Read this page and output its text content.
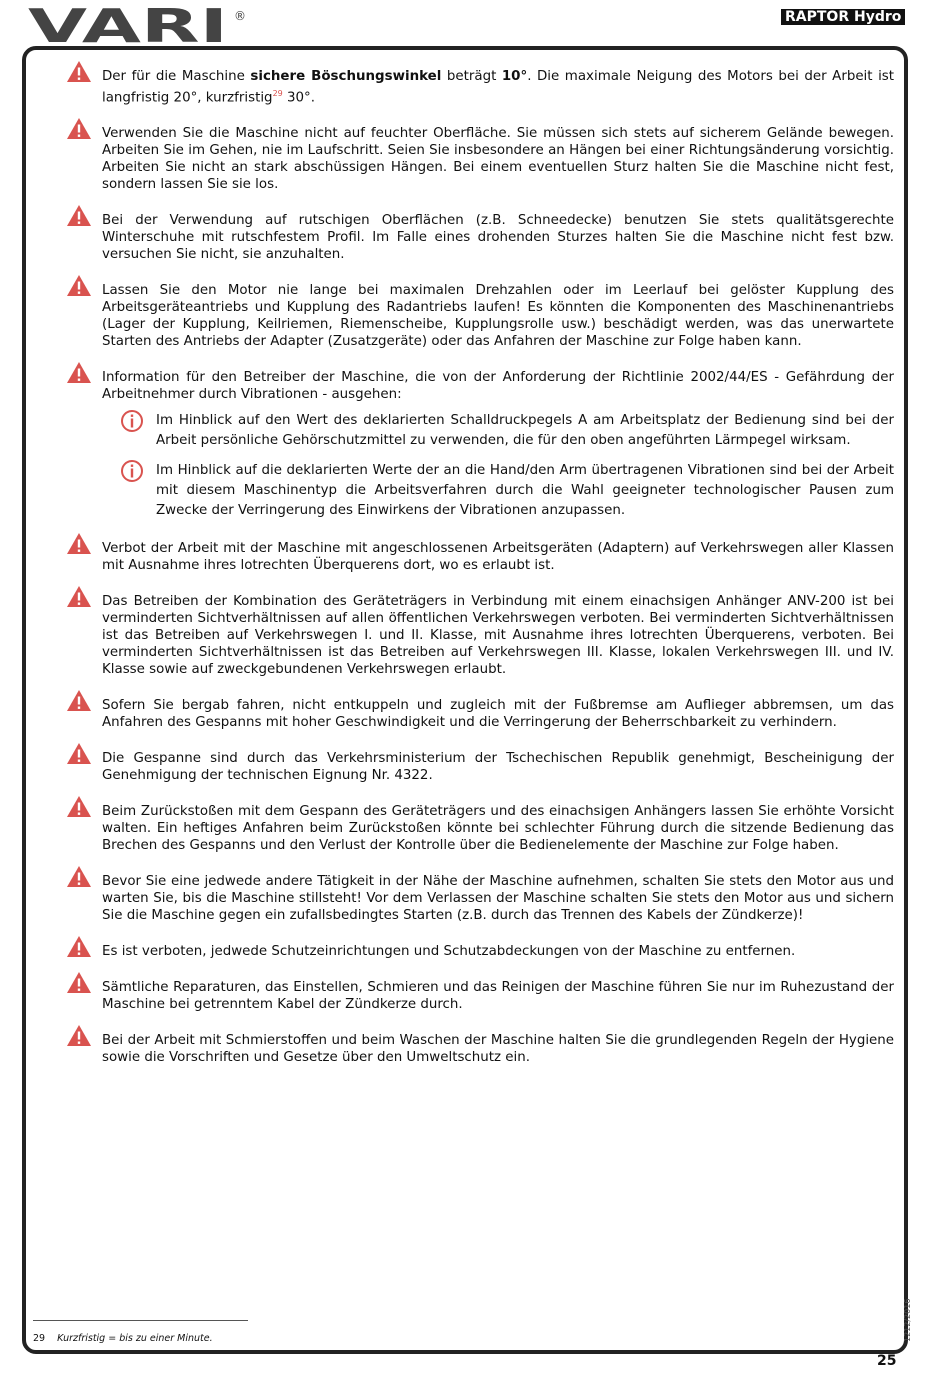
VARI ®	RAPTOR Hydro
Der für die Maschine sichere Böschungswinkel beträgt 10°. Die maximale Neigung des Motors bei der Arbeit ist langfristig 20°, kurzfristig$^{29}$ 30°.
Verwenden Sie die Maschine nicht auf feuchter Oberfläche. Sie müssen sich stets auf sicherem Gelände bewegen. Arbeiten Sie im Gehen, nie im Laufschritt. Seien Sie insbesondere an Hängen bei einer Richtungsänderung vorsichtig. Arbeiten Sie nicht an stark abschüssigen Hängen. Bei einem eventuellen Sturz halten Sie die Maschine nicht fest, sondern lassen Sie sie los.
Bei der Verwendung auf rutschigen Oberflächen (z.B. Schneedecke) benutzen Sie stets qualitätsgerechte Winterschuhe mit rutschfestem Profil. Im Falle eines drohenden Sturzes halten Sie die Maschine nicht fest bzw. versuchen Sie nicht, sie anzuhalten.
Lassen Sie den Motor nie lange bei maximalen Drehzahlen oder im Leerlauf bei gelöster Kupplung des Arbeitsgeräteantriebs und Kupplung des Radantriebs laufen! Es könnten die Komponenten des Maschinenantriebs (Lager der Kupplung, Keilriemen, Riemenscheibe, Kupplungsrolle usw.) beschädigt werden, was das unerwartete Starten des Antriebs der Adapter (Zusatzgeräte) oder das Anfahren der Maschine zur Folge haben kann.
Information für den Betreiber der Maschine, die von der Anforderung der Richtlinie 2002/44/ES - Gefährdung der Arbeitnehmer durch Vibrationen - ausgehen:
Im Hinblick auf den Wert des deklarierten Schalldruckpegels A am Arbeitsplatz der Bedienung sind bei der Arbeit persönliche Gehörschutzmittel zu verwenden, die für den oben angeführten Lärmpegel wirksam.
Im Hinblick auf die deklarierten Werte der an die Hand/den Arm übertragenen Vibrationen sind bei der Arbeit mit diesem Maschinentyp die Arbeitsverfahren durch die Wahl geeigneter technologischer Pausen zum Zwecke der Verringerung des Einwirkens der Vibrationen anzupassen.
Verbot der Arbeit mit der Maschine mit angeschlossenen Arbeitsgeräten (Adaptern) auf Verkehrswegen aller Klassen mit Ausnahme ihres lotrechten Überquerens dort, wo es erlaubt ist.
Das Betreiben der Kombination des Geräteträgers in Verbindung mit einem einachsigen Anhänger ANV-200 ist bei verminderten Sichtverhältnissen auf allen öffentlichen Verkehrswegen verboten. Bei verminderten Sichtverhältnissen ist das Betreiben auf Verkehrswegen I. und II. Klasse, mit Ausnahme ihres lotrechten Überquerens, verboten. Bei verminderten Sichtverhältnissen ist das Betreiben auf Verkehrswegen III. Klasse, lokalen Verkehrswegen III. und IV. Klasse sowie auf zweckgebundenen Verkehrswegen erlaubt.
Sofern Sie bergab fahren, nicht entkuppeln und zugleich mit der Fußbremse am Auflieger abbremsen, um das Anfahren des Gespanns mit hoher Geschwindigkeit und die Verringerung der Beherrschbarkeit zu verhindern.
Die Gespanne sind durch das Verkehrsministerium der Tschechischen Republik genehmigt, Bescheinigung der Genehmigung der technischen Eignung Nr. 4322.
Beim Zurückstoßen mit dem Gespann des Geräteträgers und des einachsigen Anhängers lassen Sie erhöhte Vorsicht walten. Ein heftiges Anfahren beim Zurückstoßen könnte bei schlechter Führung durch die sitzende Bedienung das Brechen des Gespanns und den Verlust der Kontrolle über die Bedienelemente der Maschine zur Folge haben.
Bevor Sie eine jedwede andere Tätigkeit in der Nähe der Maschine aufnehmen, schalten Sie stets den Motor aus und warten Sie, bis die Maschine stillsteht! Vor dem Verlassen der Maschine schalten Sie stets den Motor aus und sichern Sie die Maschine gegen ein zufallsbedingtes Starten (z.B. durch das Trennen des Kabels der Zündkerze)!
Es ist verboten, jedwede Schutzeinrichtungen und Schutzabdeckungen von der Maschine zu entfernen.
Sämtliche Reparaturen, das Einstellen, Schmieren und das Reinigen der Maschine führen Sie nur im Ruhezustand der Maschine bei getrenntem Kabel der Zündkerze durch.
Bei der Arbeit mit Schmierstoffen und beim Waschen der Maschine halten Sie die grundlegenden Regeln der Hygiene sowie die Vorschriften und Gesetze über den Umweltschutz ein.
29 Kurzfristig = bis zu einer Minute.	1212/2016
25
